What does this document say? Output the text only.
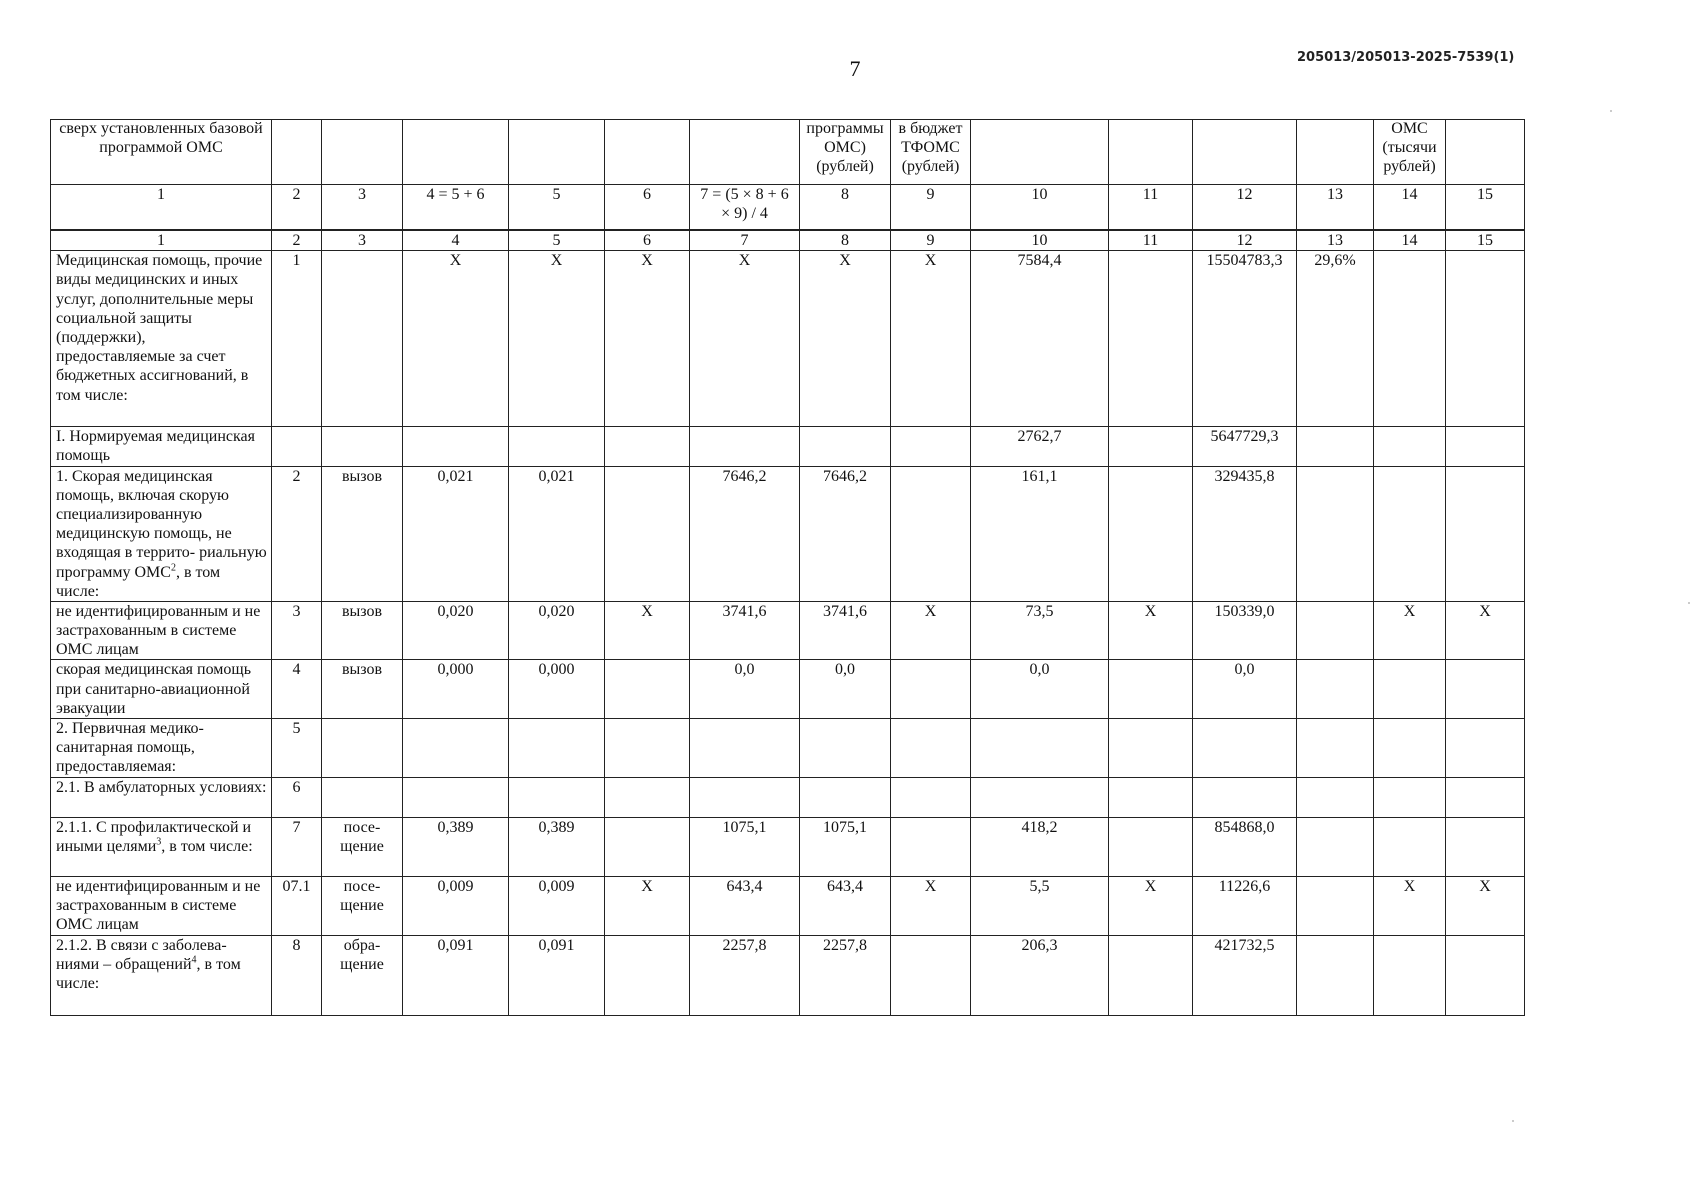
7	205013/205013-2025-7539(1)
сверх установленных базовой программой ОМС							программы ОМС) (рублей)	в бюджет ТФОМС (рублей)					ОМС (тысячи рублей)	
1	2	3	4 = 5 + 6	5	6	7 = (5 × 8 + 6 × 9) / 4	8	9	10	11	12	13	14	15
1	2	3	4	5	6	7	8	9	10	11	12	13	14	15
Медицинская помощь, прочие виды медицинских и иных услуг, дополнительные меры социальной защиты (поддержки), предоставляемые за счет бюджетных ассигнований, в том числе:	1		X	X	X	X	X	X	7584,4		15504783,3	29,6%		
I. Нормируемая медицинская помощь									2762,7		5647729,3			
1. Скорая медицинская помощь, включая скорую специализированную медицинскую помощь, не входящая в террито- риальную программу ОМС$^2$, в том числе:	2	вызов	0,021	0,021		7646,2	7646,2		161,1		329435,8			
не идентифицированным и не застрахованным в системе ОМС лицам	3	вызов	0,020	0,020	X	3741,6	3741,6	X	73,5	X	150339,0		X	X
скорая медицинская помощь при санитарно-авиационной эвакуации	4	вызов	0,000	0,000		0,0	0,0		0,0		0,0			
2. Первичная медико- санитарная помощь, предоставляемая:	5													
2.1. В амбулаторных условиях:	6													
2.1.1. С профилактической и иными целями$^3$, в том числе:	7	посе- щение	0,389	0,389		1075,1	1075,1		418,2		854868,0			
не идентифицированным и не застрахованным в системе ОМС лицам	07.1	посе- щение	0,009	0,009	X	643,4	643,4	X	5,5	X	11226,6		X	X
2.1.2. В связи с заболева- ниями – обращений$^4$, в том числе:	8	обра- щение	0,091	0,091		2257,8	2257,8		206,3		421732,5			
